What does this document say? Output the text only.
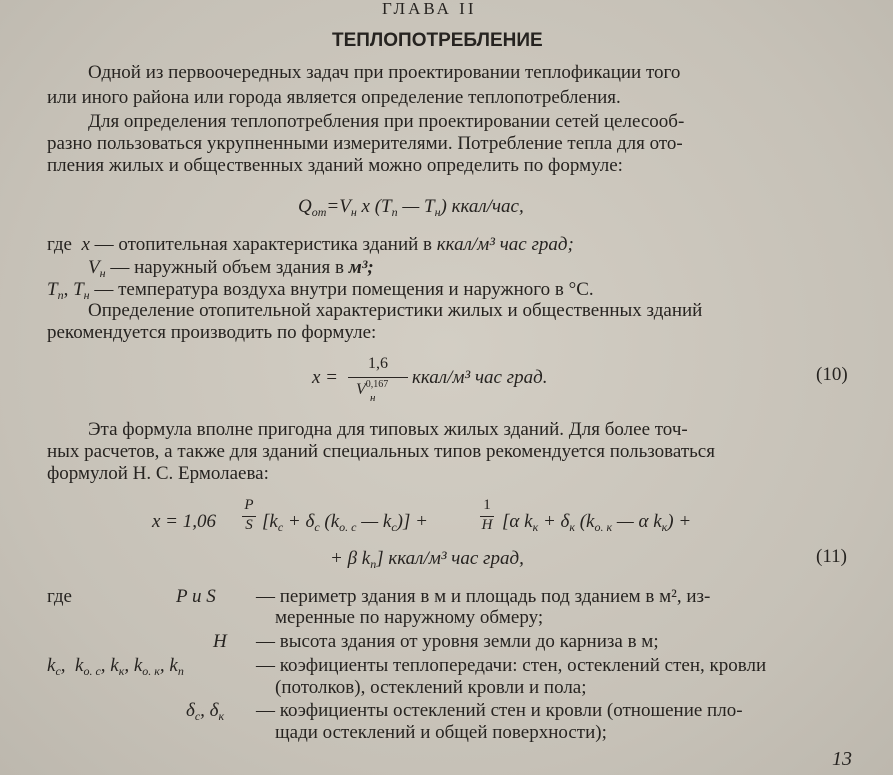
ГЛАВА II
ТЕПЛОПОТРЕБЛЕНИЕ
Одной из первоочередных задач при проектировании теплофикации того
или иного района или города является определение теплопотребления.
Для определения теплопотребления при проектировании сетей целесооб-
разно пользоваться укрупненными измерителями. Потребление тепла для ото-
пления жилых и общественных зданий можно определить по формуле:
$Q_{от}=V_н$ x ($T_п$ — $T_н$) ккал/час,
где x — отопительная характеристика зданий в ккал/м³ час град;
$V_н$ — наружный объем здания в м³;
$T_п$, $T_н$ — температура воздуха внутри помещения и наружного в °C.
Определение отопительной характеристики жилых и общественных зданий
рекомендуется производить по формуле:
x =
1,6
V$^{0,167}$
н
ккал/м³ час град.	(10)
Эта формула вполне пригодна для типовых жилых зданий. Для более точ-
ных расчетов, а также для зданий специальных типов рекомендуется пользоваться
формулой Н. С. Ермолаева:
x = 1,06
P
S [$k_c + \delta_c$ ($k_{o. c}$ — $k_c$)] +
1
H [α $k_к + \delta_к$ ($k_{o. к}$ — α $k_к$) +
+ β $k_п$] ккал/м³ час град,	(11)
где	P и S — периметр здания в м и площадь под зданием в м², из-
меренные по наружному обмеру;
H — высота здания от уровня земли до карниза в м;
$k_c$,  $k_{o. c}$, $k_к$, $k_{o. к}$, $k_п$	— коэфициенты теплопередачи: стен, остеклений стен, кровли
(потолков), остеклений кровли и пола;
$\delta_c$, $\delta_к$ — коэфициенты остеклений стен и кровли (отношение пло-
щади остеклений и общей поверхности);
13
